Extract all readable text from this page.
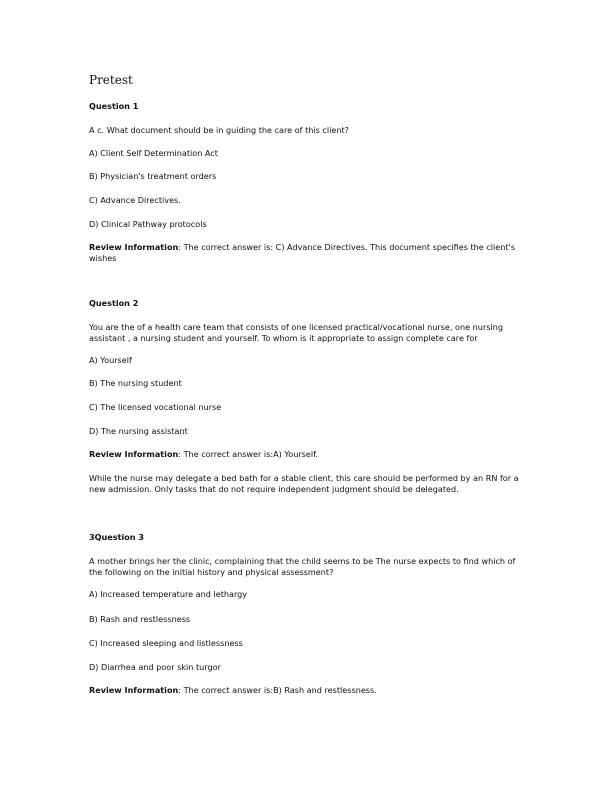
Pretest
Question 1
A c. What document should be in guiding the care of this client?
A) Client Self Determination Act
B) Physician's treatment orders
C) Advance Directives.
D) Clinical Pathway protocols
Review Information: The correct answer is: C) Advance Directives. This document specifies the client's wishes
Question 2
You are the of a health care team that consists of one licensed practical/vocational nurse, one nursing assistant , a nursing student and yourself. To whom is it appropriate to assign complete care for
A) Yourself
B) The nursing student
C) The licensed vocational nurse
D) The nursing assistant
Review Information: The correct answer is:A) Yourself.
While the nurse may delegate a bed bath for a stable client, this care should be performed by an RN for a new admission. Only tasks that do not require independent judgment should be delegated.
3Question 3
A mother brings her the clinic, complaining that the child seems to be The nurse expects to find which of the following on the initial history and physical assessment?
A) Increased temperature and lethargy
B) Rash and restlessness
C) Increased sleeping and listlessness
D) Diarrhea and poor skin turgor
Review Information: The correct answer is:B) Rash and restlessness.
